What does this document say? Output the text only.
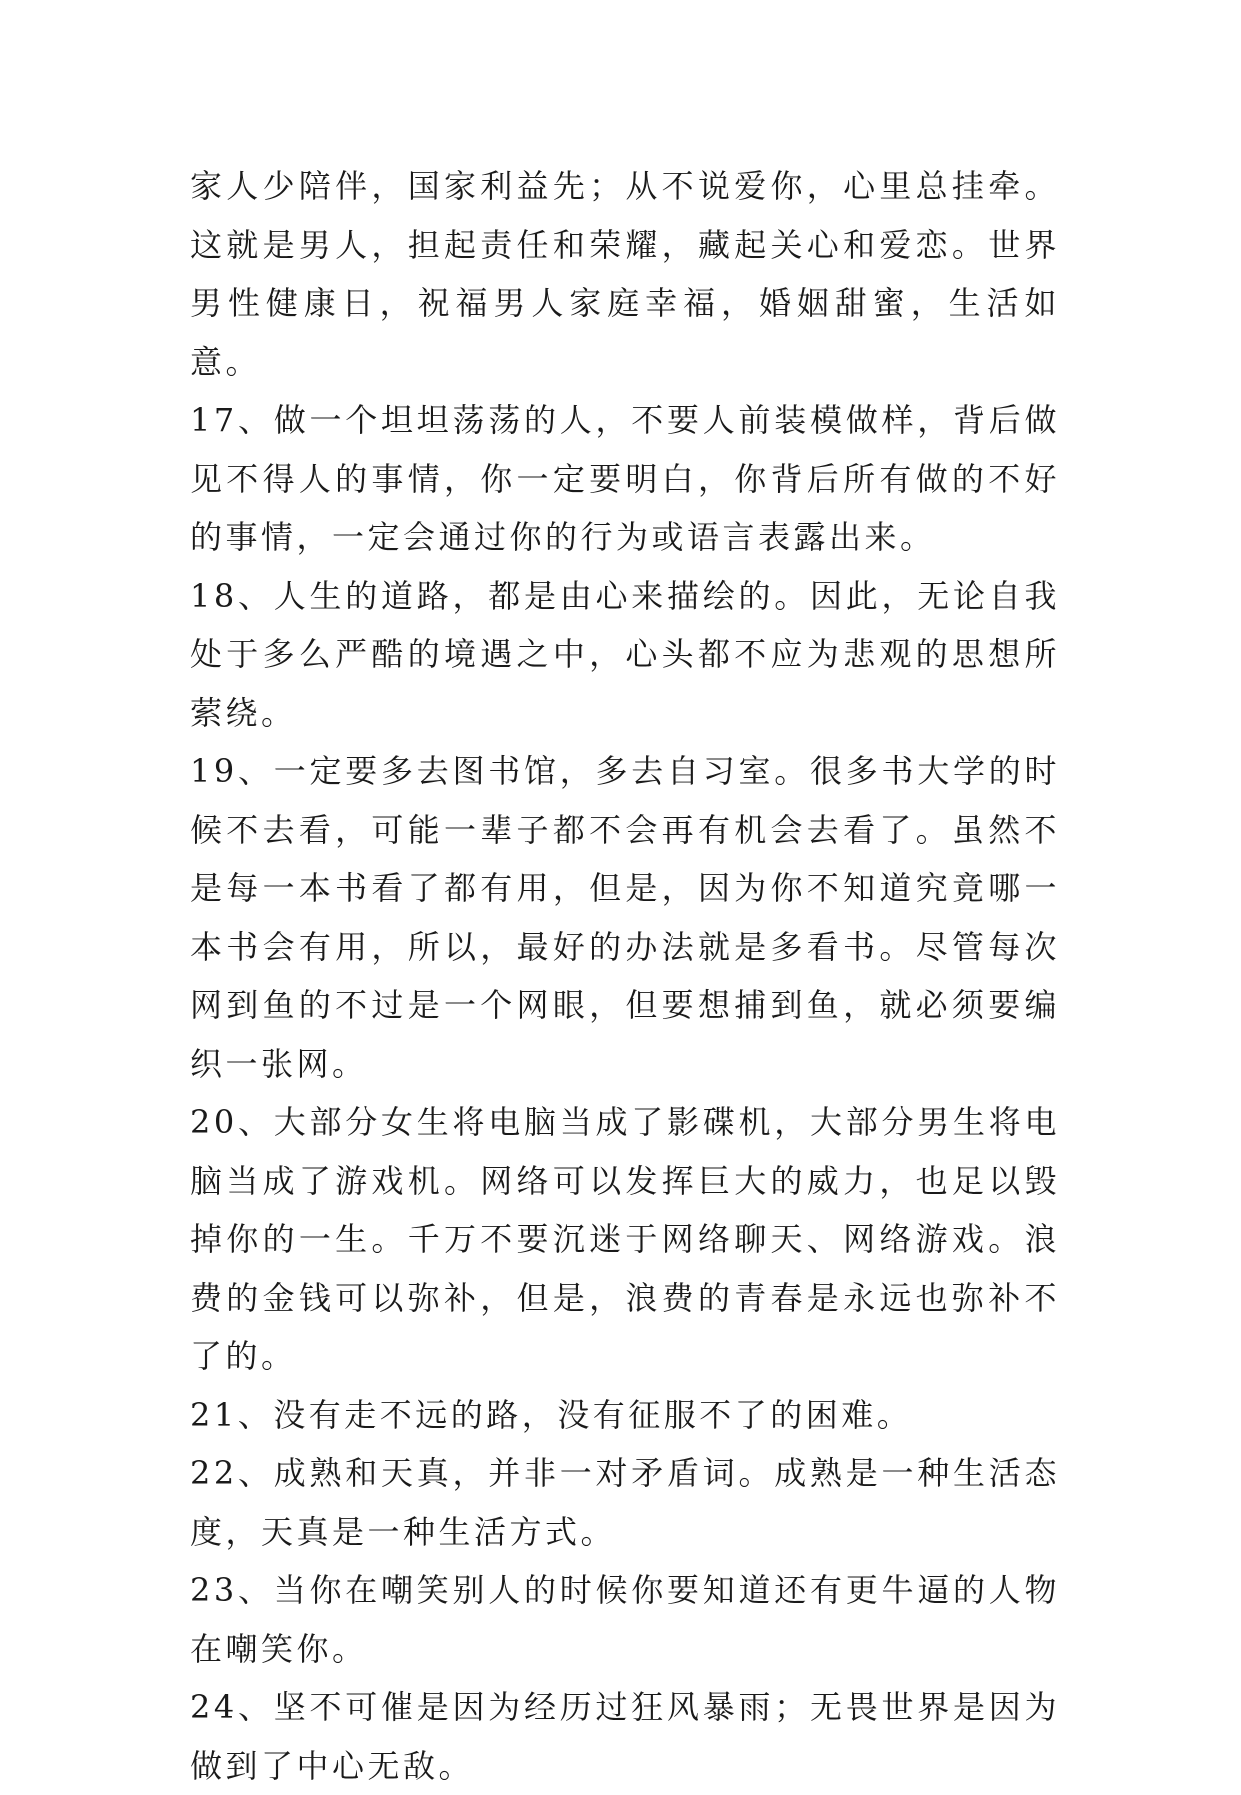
家人少陪伴，国家利益先；从不说爱你，心里总挂牵。这就是男人，担起责任和荣耀，藏起关心和爱恋。世界男性健康日，祝福男人家庭幸福，婚姻甜蜜，生活如意。

17、做一个坦坦荡荡的人，不要人前装模做样，背后做见不得人的事情，你一定要明白，你背后所有做的不好的事情，一定会通过你的行为或语言表露出来。

18、人生的道路，都是由心来描绘的。因此，无论自我处于多么严酷的境遇之中，心头都不应为悲观的思想所萦绕。

19、一定要多去图书馆，多去自习室。很多书大学的时候不去看，可能一辈子都不会再有机会去看了。虽然不是每一本书看了都有用，但是，因为你不知道究竟哪一本书会有用，所以，最好的办法就是多看书。尽管每次网到鱼的不过是一个网眼，但要想捕到鱼，就必须要编织一张网。

20、大部分女生将电脑当成了影碟机，大部分男生将电脑当成了游戏机。网络可以发挥巨大的威力，也足以毁掉你的一生。千万不要沉迷于网络聊天、网络游戏。浪费的金钱可以弥补，但是，浪费的青春是永远也弥补不了的。

21、没有走不远的路，没有征服不了的困难。

22、成熟和天真，并非一对矛盾词。成熟是一种生活态度，天真是一种生活方式。

23、当你在嘲笑别人的时候你要知道还有更牛逼的人物在嘲笑你。

24、坚不可催是因为经历过狂风暴雨；无畏世界是因为做到了中心无敌。
